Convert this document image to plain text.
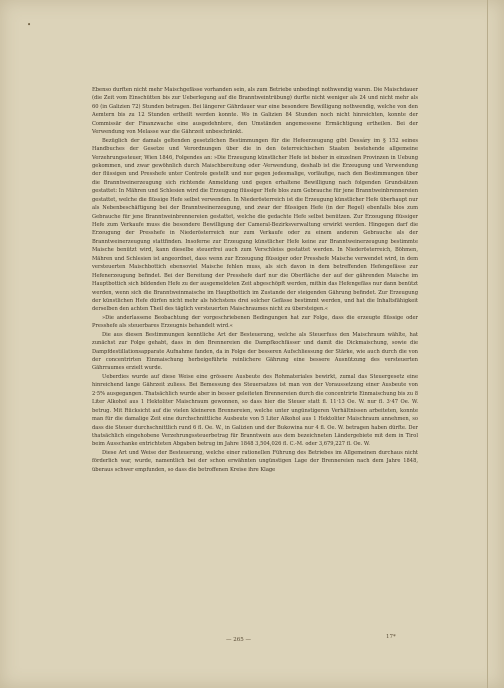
•

Ebenso durften nicht mehr Maischgefässe vorhanden sein, als zum Betriebe unbedingt nothwendig waren. Die Maischdauer (die Zeit vom Einschütten bis zur Ueberlegung auf die Branntweintrübung) durfte nicht weniger als 24 und nicht mehr als 60 (in Galizien 72) Stunden betragen. Bei längerer Gährdauer war eine besondere Bewilligung nothwendig, welche von den Aemtern bis zu 12 Stunden ertheilt werden konnte. Wo in Galizien 84 Stunden noch nicht hinreichten, konnte der Commissär der Finanzwache eine ausgedehntere, den Umständen angemessene Ermächtigung ertheilen. Bei der Verwendung von Melasse war die Gährzeit unbeschränkt.

Bezüglich der damals geltenden gesetzlichen Bestimmungen für die Hefeerzeugung gibt Dessáry im § 152 seines Handbuches der Gesetze und Verordnungen über die in den österreichischen Staaten bestehende allgemeine Verzehrungssteuer, Wien 1846, Folgendes an: »Die Erzeugung künstlicher Hefe ist bisher in einzelnen Provinzen in Uebung gekommen, und zwar gewöhnlich durch Maischbereitung oder -Verwendung, deshalb ist die Erzeugung und Verwendung der flüssigen und Presshefe unter Controle gestellt und nur gegen jedesmalige, vorläufige, nach den Bestimmungen über die Branntweinerzeugung sich richtende Anmeldung und gegen erhaltene Bewilligung nach folgenden Grundsätzen gestattet: In Mähren und Schlesien wird die Erzeugung flüssiger Hefe blos zum Gebrauche für jene Branntweinbrennereien gestattet, welche die flüssige Hefe selbst verwenden. In Niederösterreich ist die Erzeugung künstlicher Hefe überhaupt nur als Nebenbeschäftigung bei der Branntweinerzeugung, und zwar der flüssigen Hefe (in der Regel) ebenfalls blos zum Gebrauche für jene Branntweinbrennereien gestattet, welche die gedachte Hefe selbst benützen. Zur Erzeugung flüssiger Hefe zum Verkaufe muss die besondere Bewilligung der Cameral-Bezirksverwaltung erwirkt werden. Hingegen darf die Erzeugung der Presshefe in Niederösterreich nur zum Verkaufe oder zu einem anderen Gebrauche als der Branntweinerzeugung stattfinden. Insoferne zur Erzeugung künstlicher Hefe keine zur Branntweinerzeugung bestimmte Maische benützt wird, kann dieselbe steuerfrei auch zum Verschleiss gestattet werden. In Niederösterreich, Böhmen, Mähren und Schlesien ist angeordnet, dass wenn zur Erzeugung flüssiger oder Presshefe Maische verwendet wird, in dem versteuerten Maischbottich ebensoviel Maische fehlen muss, als sich davon in dem betreffenden Hefengefässe zur Hefenerzeugung befindet. Bei der Bereitung der Presshefe darf nur die Oberfläche der auf der gährenden Maische im Hauptbottich sich bildenden Hefe zu der ausgemeldeten Zeit abgeschöpft werden, mithin das Hefengefäss nur dann benützt werden, wenn sich die Branntweinmaische im Hauptbottich im Zustande der steigenden Gährung befindet. Zur Erzeugung der künstlichen Hefe dürfen nicht mehr als höchstens drei solcher Gefässe bestimmt werden, und hat die Inhaltsfähigkeit derselben den achten Theil des täglich versteuerten Maischraumes nicht zu übersteigen.«

»Die anderlassene Beobachtung der vorgeschriebenen Bedingungen hat zur Folge, dass die erzeugte flüssige oder Presshefe als steuerbares Erzeugnis behandelt wird.«

Die aus diesen Bestimmungen kenntliche Art der Besteuerung, welche als Steuerfuss den Maischraum wählte, hat zunächst zur Folge gehabt, dass in den Brennereien die Dampfkochfässer und damit die Dickmaischung, sowie die Dampfdestillationsapparate Aufnahme fanden, da in Folge der besseren Aufschliessung der Stärke, wie auch durch die von der concentrirten Einmaischung herbeigeführte reinlichere Gährung eine bessere Ausnützung des versteuerten Gährraumes erzielt wurde.

Ueberdies wurde auf diese Weise eine grössere Ausbeute des Rohmateriales bewirkt, zumal das Steuergesetz eine hinreichend lange Gährzeit zuliess. Bei Bemessung des Steuersatzes ist man von der Voraussetzung einer Ausbeute von 2·5% ausgegangen. Thatsächlich wurde aber in besser geleiteten Brennereien durch die concentrirte Einmaischung bis zu 8 Liter Alkohol aus 1 Hektoliter Maischraum gewonnen, so dass hier die Steuer statt fl. 11·13 Oe. W. nur fl. 3·47 Oe. W. betrug. Mit Rücksicht auf die vielen kleineren Brennereien, welche unter ungünstigeren Verhältnissen arbeiteten, konnte man für die damalige Zeit eine durchschnittliche Ausbeute von 5 Liter Alkohol aus 1 Hektoliter Maischraum annehmen, so dass die Steuer durchschnittlich rund 6 fl. Oe. W., in Galizien und der Bukowina nur 4 fl. Oe. W. betragen haben dürfte. Der thatsächlich eingehobene Verzehrungssteuerbetrag für Branntwein aus dem bezeichneten Ländergebiete mit dem in Tirol beim Ausschanke entrichteten Abgaben betrug im Jahre 1848 3,504,026 fl. C.-M. oder 3,679,227 fl. Oe. W.

Diese Art und Weise der Besteuerung, welche einer rationellen Führung des Betriebes im Allgemeinen durchaus nicht förderlich war, wurde, namentlich bei der schon erwähnten ungünstigen Lage der Brennereien nach dem Jahre 1848, überaus schwer empfunden, so dass die betroffenen Kreise ihre Klage

— 265 —	17*
